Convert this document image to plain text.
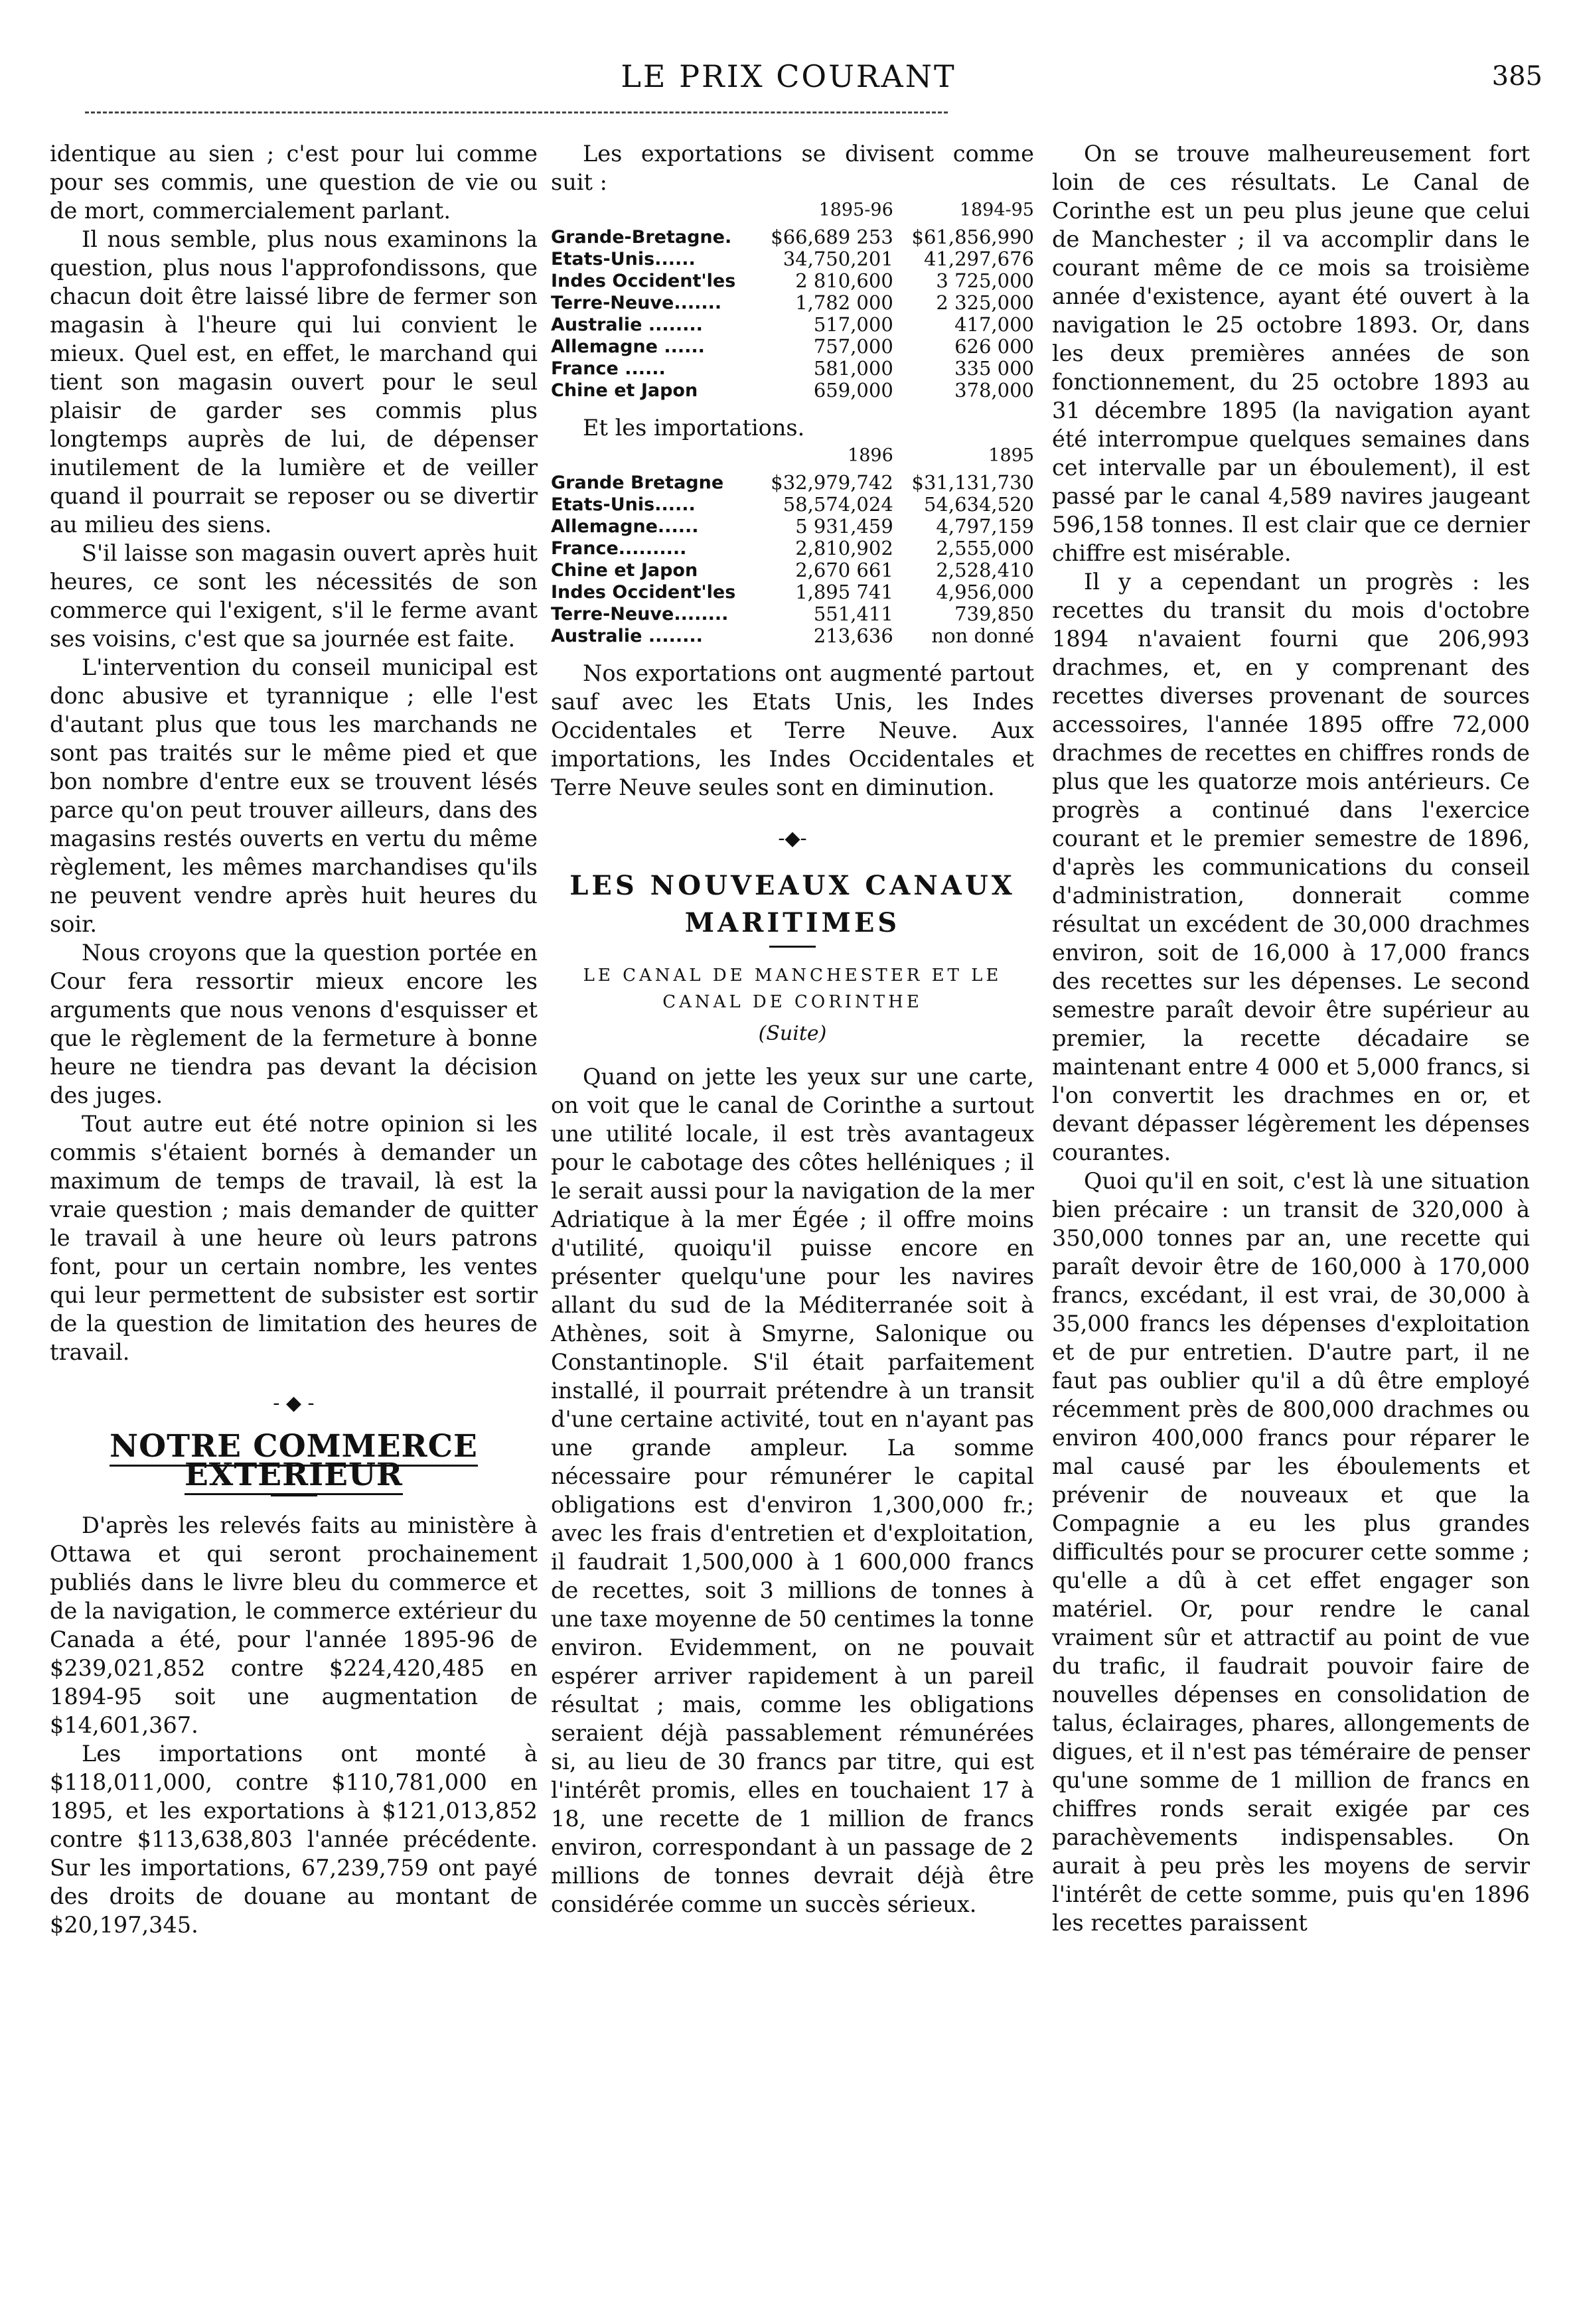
LE PRIX COURANT	385

identique au sien ; c'est pour lui comme pour ses commis, une question de vie ou de mort, commercialement parlant.

Il nous semble, plus nous examinons la question, plus nous l'approfondissons, que chacun doit être laissé libre de fermer son magasin à l'heure qui lui convient le mieux. Quel est, en effet, le marchand qui tient son magasin ouvert pour le seul plaisir de garder ses commis plus longtemps auprès de lui, de dépenser inutilement de la lumière et de veiller quand il pourrait se reposer ou se divertir au milieu des siens.

S'il laisse son magasin ouvert après huit heures, ce sont les nécessités de son commerce qui l'exigent, s'il le ferme avant ses voisins, c'est que sa journée est faite.

L'intervention du conseil municipal est donc abusive et tyrannique ; elle l'est d'autant plus que tous les marchands ne sont pas traités sur le même pied et que bon nombre d'entre eux se trouvent lésés parce qu'on peut trouver ailleurs, dans des magasins restés ouverts en vertu du même règlement, les mêmes marchandises qu'ils ne peuvent vendre après huit heures du soir.

Nous croyons que la question portée en Cour fera ressortir mieux encore les arguments que nous venons d'esquisser et que le règlement de la fermeture à bonne heure ne tiendra pas devant la décision des juges.

Tout autre eut été notre opinion si les commis s'étaient bornés à demander un maximum de temps de travail, là est la vraie question ; mais demander de quitter le travail à une heure où leurs patrons font, pour un certain nombre, les ventes qui leur permettent de subsister est sortir de la question de limitation des heures de travail.

- ◆ -
NOTRE COMMERCE EXTERIEUR

D'après les relevés faits au ministère à Ottawa et qui seront prochainement publiés dans le livre bleu du commerce et de la navigation, le commerce extérieur du Canada a été, pour l'année 1895-96 de $239,021,852 contre $224,420,485 en 1894-95 soit une augmentation de $14,601,367.

Les importations ont monté à $118,011,000, contre $110,781,000 en 1895, et les exportations à $121,013,852 contre $113,638,803 l'année précédente. Sur les importations, 67,239,759 ont payé des droits de douane au montant de $20,197,345.

Les exportations se divisent comme suit :

	1895-96	1894-95
Grande-Bretagne.	$66,689 253	$61,856,990
Etats-Unis......	34,750,201	41,297,676
Indes Occident'les	2 810,600	3 725,000
Terre-Neuve.......	1,782 000	2 325,000
Australie ........	517,000	417,000
Allemagne ......	757,000	626 000
France ......	581,000	335 000
Chine et Japon	659,000	378,000

Et les importations.

	1896	1895
Grande Bretagne	$32,979,742	$31,131,730
Etats-Unis......	58,574,024	54,634,520
Allemagne......	5 931,459	4,797,159
France..........	2,810,902	2,555,000
Chine et Japon	2,670 661	2,528,410
Indes Occident'les	1,895 741	4,956,000
Terre-Neuve........	551,411	739,850
Australie ........	213,636	non donné

Nos exportations ont augmenté partout sauf avec les Etats Unis, les Indes Occidentales et Terre Neuve. Aux importations, les Indes Occidentales et Terre Neuve seules sont en diminution.

-◆-
LES NOUVEAUX CANAUX
MARITIMES
LE CANAL DE MANCHESTER ET LE CANAL DE CORINTHE
(Suite)

Quand on jette les yeux sur une carte, on voit que le canal de Corinthe a surtout une utilité locale, il est très avantageux pour le cabotage des côtes helléniques ; il le serait aussi pour la navigation de la mer Adriatique à la mer Égée ; il offre moins d'utilité, quoiqu'il puisse encore en présenter quelqu'une pour les navires allant du sud de la Méditerranée soit à Athènes, soit à Smyrne, Salonique ou Constantinople. S'il était parfaitement installé, il pourrait prétendre à un transit d'une certaine activité, tout en n'ayant pas une grande ampleur. La somme nécessaire pour rémunérer le capital obligations est d'environ 1,300,000 fr.; avec les frais d'entretien et d'exploitation, il faudrait 1,500,000 à 1 600,000 francs de recettes, soit 3 millions de tonnes à une taxe moyenne de 50 centimes la tonne environ. Evidemment, on ne pouvait espérer arriver rapidement à un pareil résultat ; mais, comme les obligations seraient déjà passablement rémunérées si, au lieu de 30 francs par titre, qui est l'intérêt promis, elles en touchaient 17 à 18, une recette de 1 million de francs environ, correspondant à un passage de 2 millions de tonnes devrait déjà être considérée comme un succès sérieux.

On se trouve malheureusement fort loin de ces résultats. Le Canal de Corinthe est un peu plus jeune que celui de Manchester ; il va accomplir dans le courant même de ce mois sa troisième année d'existence, ayant été ouvert à la navigation le 25 octobre 1893. Or, dans les deux premières années de son fonctionnement, du 25 octobre 1893 au 31 décembre 1895 (la navigation ayant été interrompue quelques semaines dans cet intervalle par un éboulement), il est passé par le canal 4,589 navires jaugeant 596,158 tonnes. Il est clair que ce dernier chiffre est misérable.

Il y a cependant un progrès : les recettes du transit du mois d'octobre 1894 n'avaient fourni que 206,993 drachmes, et, en y comprenant des recettes diverses provenant de sources accessoires, l'année 1895 offre 72,000 drachmes de recettes en chiffres ronds de plus que les quatorze mois antérieurs. Ce progrès a continué dans l'exercice courant et le premier semestre de 1896, d'après les communications du conseil d'administration, donnerait comme résultat un excédent de 30,000 drachmes environ, soit de 16,000 à 17,000 francs des recettes sur les dépenses. Le second semestre paraît devoir être supérieur au premier, la recette décadaire se maintenant entre 4 000 et 5,000 francs, si l'on convertit les drachmes en or, et devant dépasser légèrement les dépenses courantes.

Quoi qu'il en soit, c'est là une situation bien précaire : un transit de 320,000 à 350,000 tonnes par an, une recette qui paraît devoir être de 160,000 à 170,000 francs, excédant, il est vrai, de 30,000 à 35,000 francs les dépenses d'exploitation et de pur entretien. D'autre part, il ne faut pas oublier qu'il a dû être employé récemment près de 800,000 drachmes ou environ 400,000 francs pour réparer le mal causé par les éboulements et prévenir de nouveaux et que la Compagnie a eu les plus grandes difficultés pour se procurer cette somme ; qu'elle a dû à cet effet engager son matériel. Or, pour rendre le canal vraiment sûr et attractif au point de vue du trafic, il faudrait pouvoir faire de nouvelles dépenses en consolidation de talus, éclairages, phares, allongements de digues, et il n'est pas téméraire de penser qu'une somme de 1 million de francs en chiffres ronds serait exigée par ces parachèvements indispensables. On aurait à peu près les moyens de servir l'intérêt de cette somme, puis qu'en 1896 les recettes paraissent
